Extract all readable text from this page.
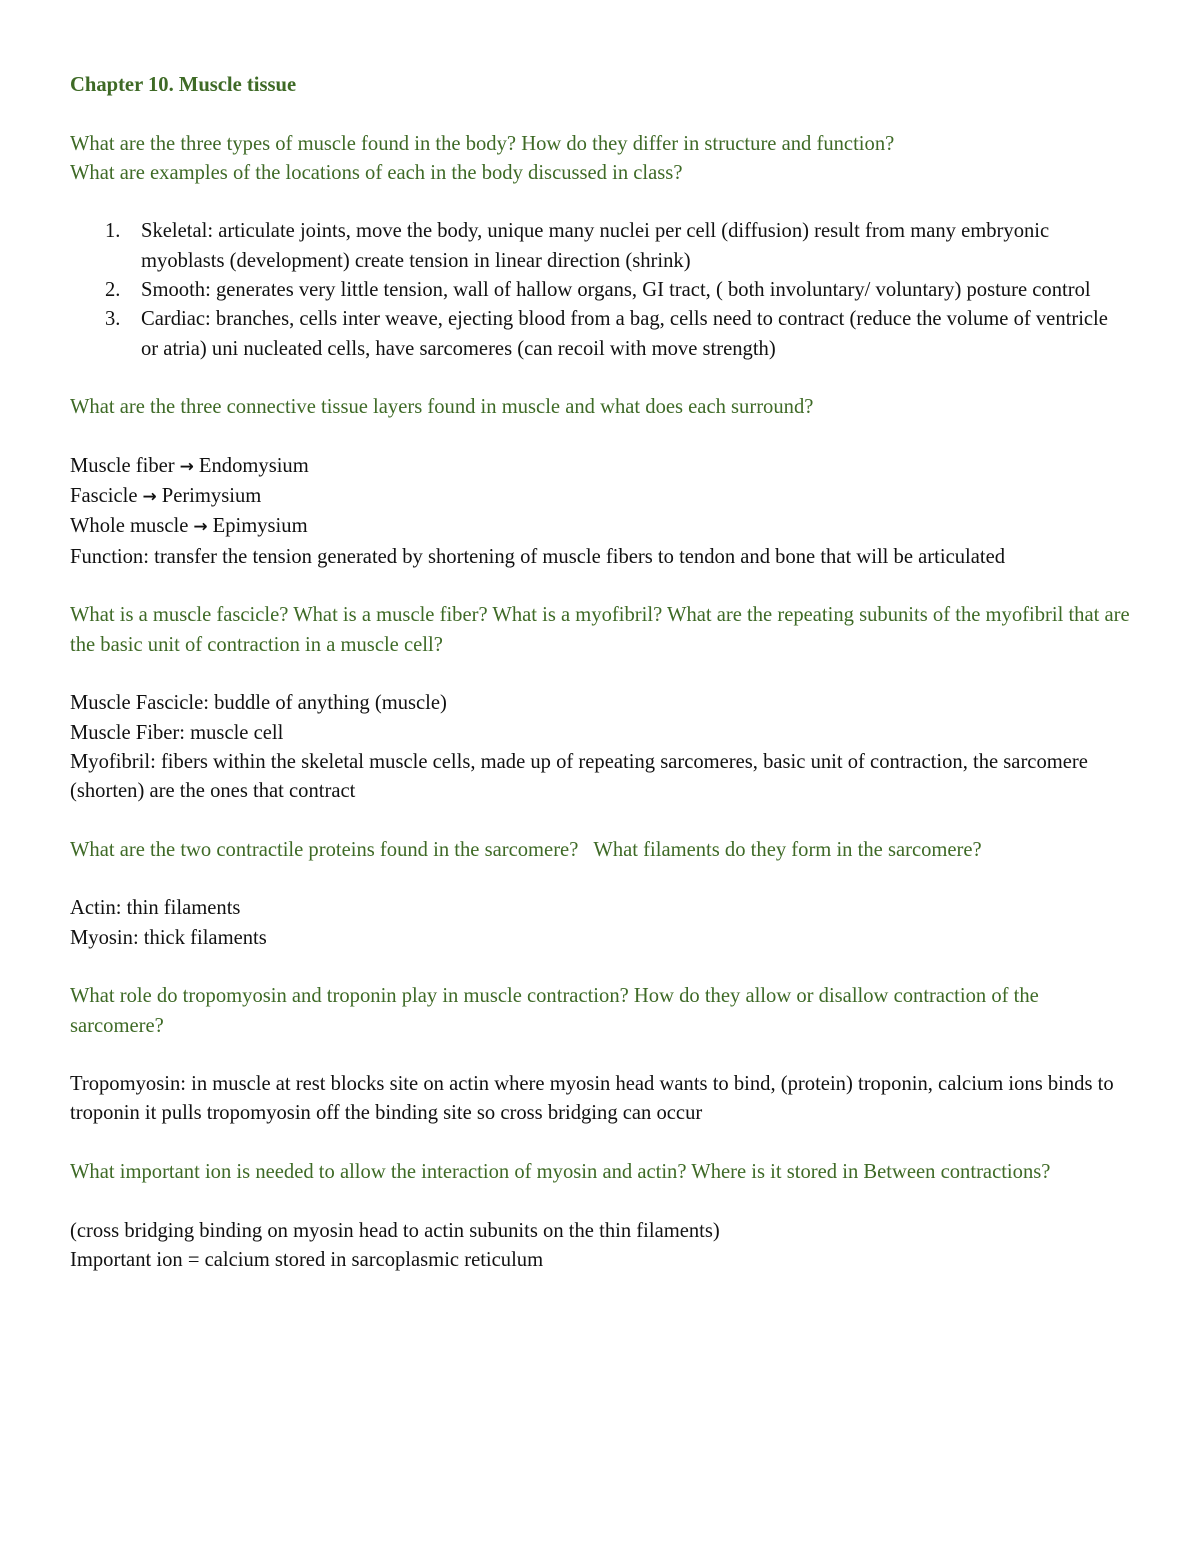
Chapter 10. Muscle tissue

What are the three types of muscle found in the body? How do they differ in structure and function?

What are examples of the locations of each in the body discussed in class?

1. Skeletal: articulate joints, move the body, unique many nuclei per cell (diffusion) result from many embryonic myoblasts (development) create tension in linear direction (shrink)
2. Smooth: generates very little tension, wall of hallow organs, GI tract, ( both involuntary/ voluntary) posture control
3. Cardiac: branches, cells inter weave, ejecting blood from a bag, cells need to contract (reduce the volume of ventricle or atria) uni nucleated cells, have sarcomeres (can recoil with move strength)

What are the three connective tissue layers found in muscle and what does each surround?

Muscle fiber → Endomysium

Fascicle → Perimysium

Whole muscle → Epimysium

Function: transfer the tension generated by shortening of muscle fibers to tendon and bone that will be articulated

What is a muscle fascicle? What is a muscle fiber? What is a myofibril? What are the repeating subunits of the myofibril that are the basic unit of contraction in a muscle cell?

Muscle Fascicle: buddle of anything (muscle)

Muscle Fiber: muscle cell

Myofibril: fibers within the skeletal muscle cells, made up of repeating sarcomeres, basic unit of contraction, the sarcomere (shorten) are the ones that contract

What are the two contractile proteins found in the sarcomere?   What filaments do they form in the sarcomere?

Actin: thin filaments

Myosin: thick filaments

What role do tropomyosin and troponin play in muscle contraction? How do they allow or disallow contraction of the sarcomere?

Tropomyosin: in muscle at rest blocks site on actin where myosin head wants to bind, (protein) troponin, calcium ions binds to troponin it pulls tropomyosin off the binding site so cross bridging can occur

What important ion is needed to allow the interaction of myosin and actin? Where is it stored in Between contractions?

(cross bridging binding on myosin head to actin subunits on the thin filaments)

Important ion = calcium stored in sarcoplasmic reticulum
